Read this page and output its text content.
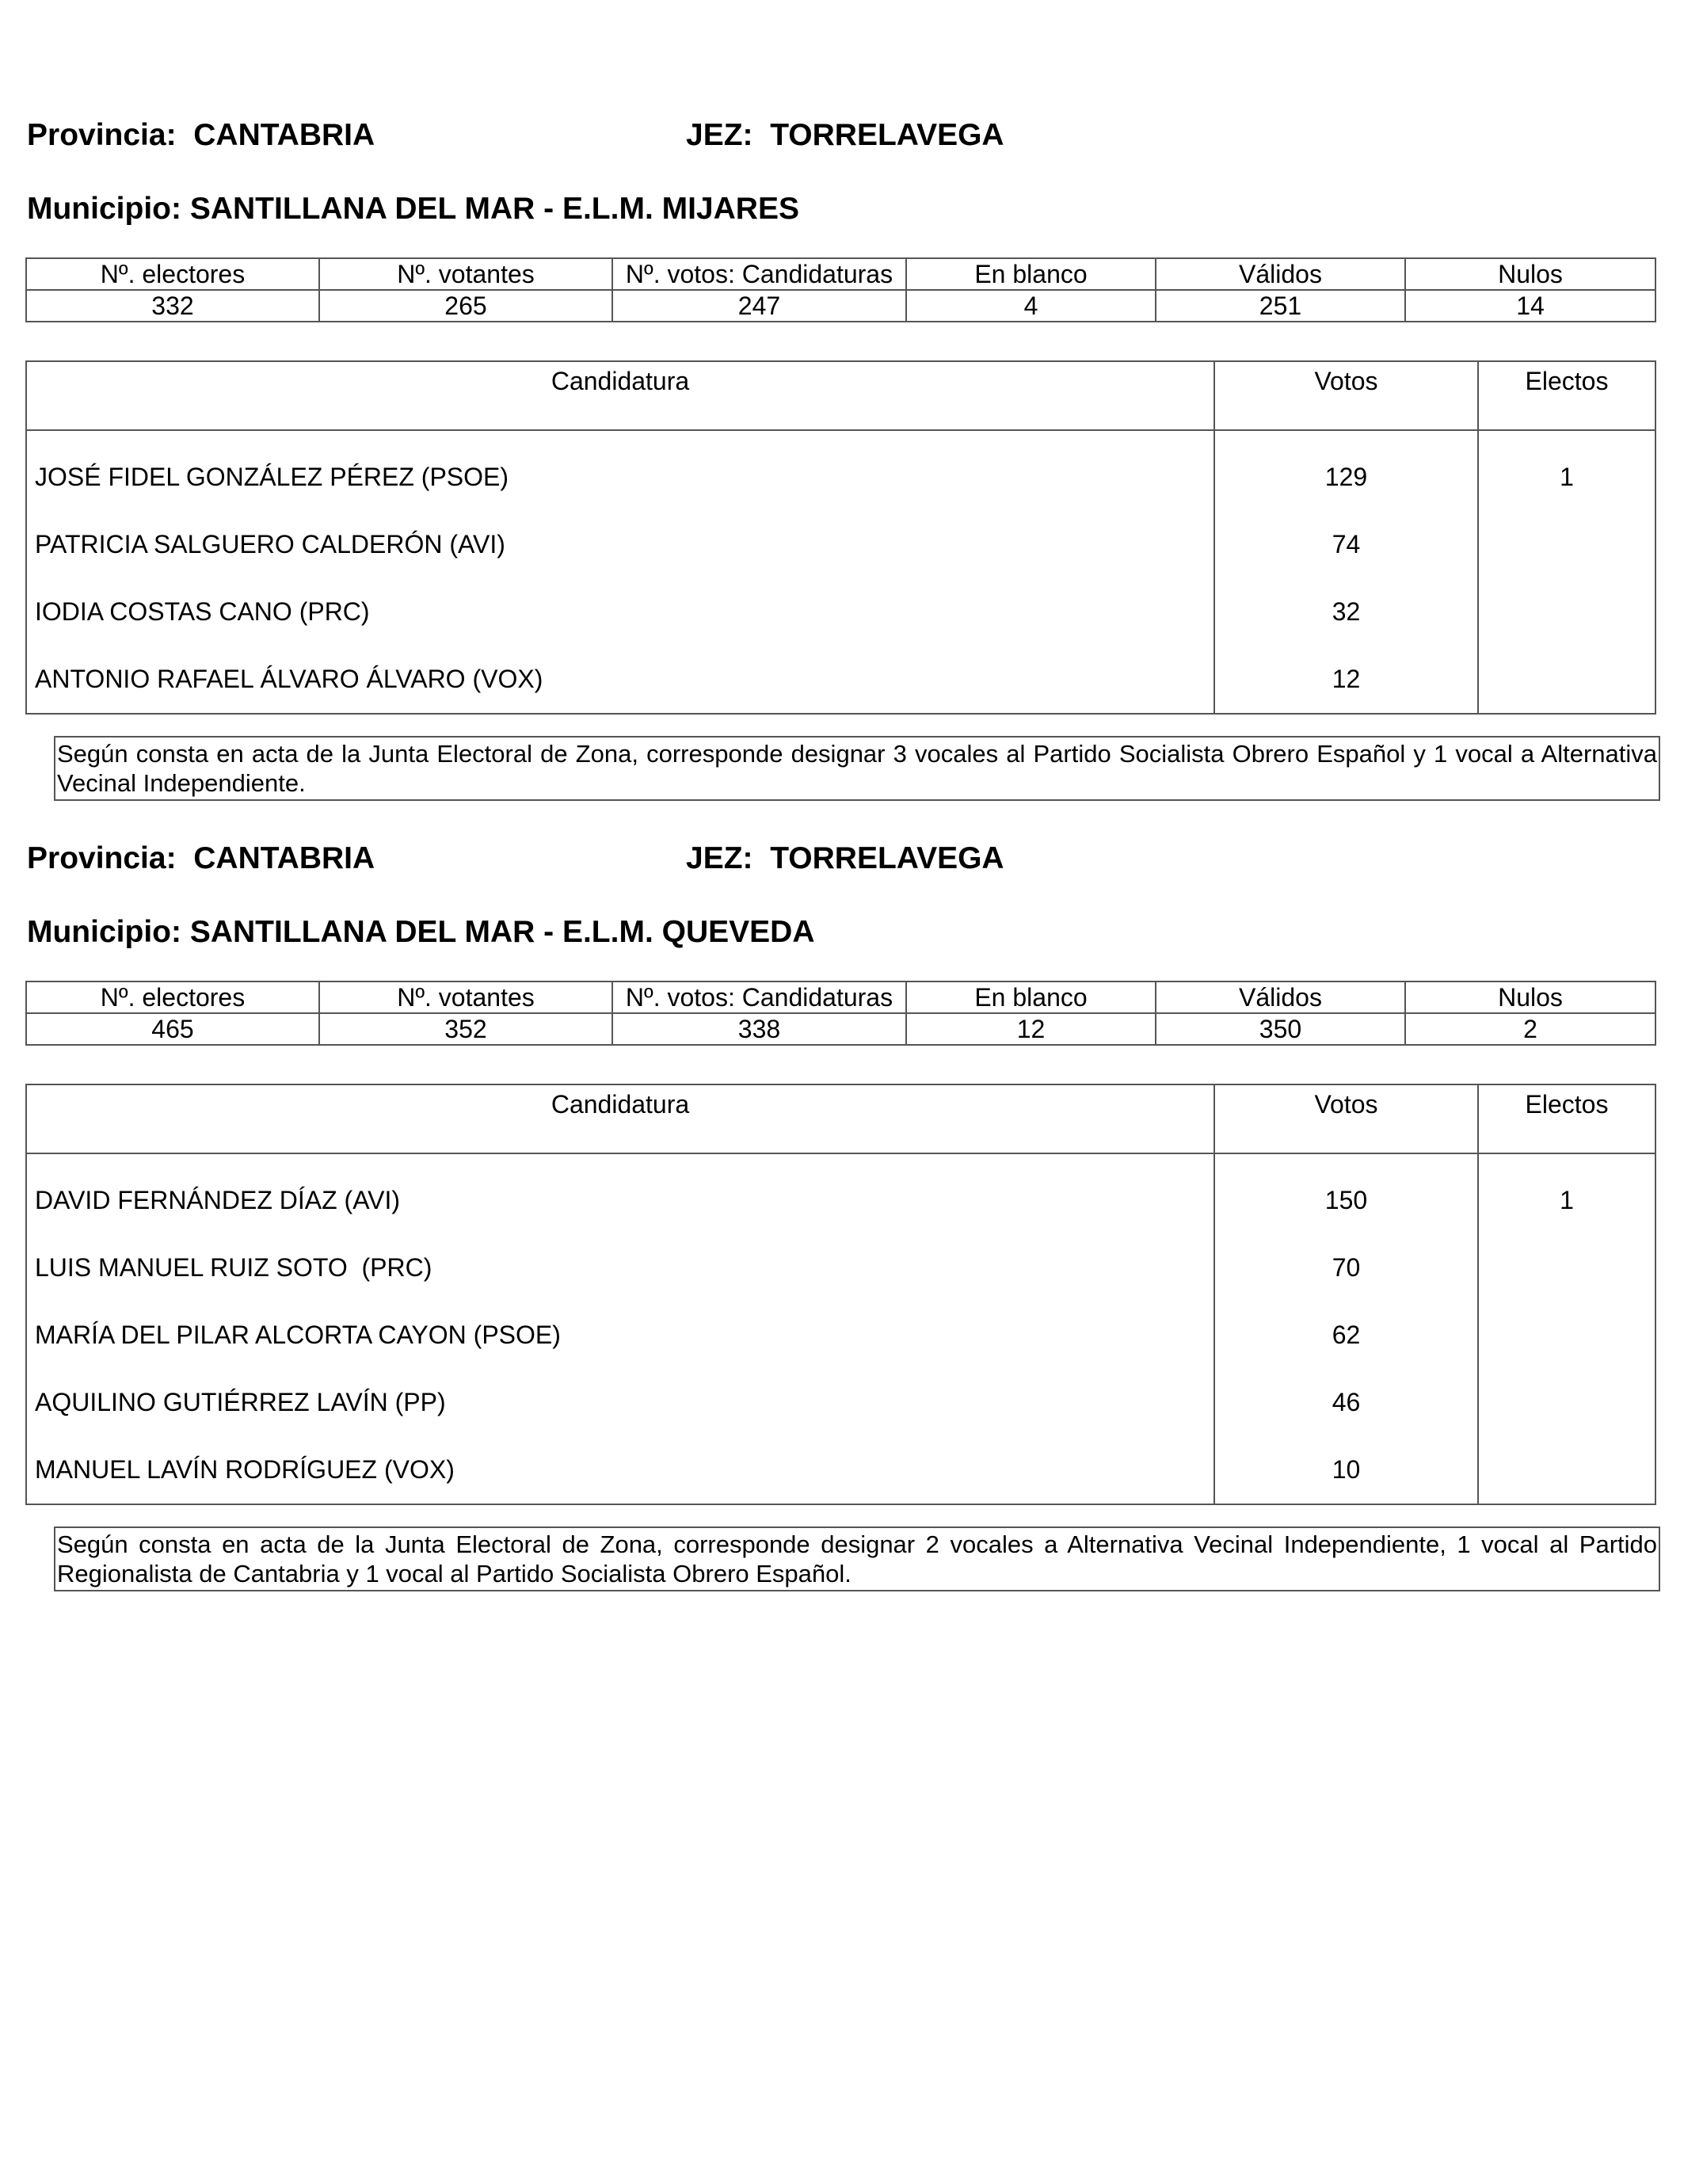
Provincia: CANTABRIA	JEZ: TORRELAVEGA
Municipio: SANTILLANA DEL MAR - E.L.M. MIJARES
Nº. electores	Nº. votantes	Nº. votos: Candidaturas	En blanco	Válidos	Nulos
332	265	247	4	251	14
Candidatura	Votos	Electos

JOSÉ FIDEL GONZÁLEZ PÉREZ (PSOE)	129	1
PATRICIA SALGUERO CALDERÓN (AVI)	74	
IODIA COSTAS CANO (PRC)	32	
ANTONIO RAFAEL ÁLVARO ÁLVARO (VOX)	12	
Según consta en acta de la Junta Electoral de Zona, corresponde designar 3 vocales al Partido Socialista Obrero Español y 1 vocal a Alternativa Vecinal Independiente.
Provincia: CANTABRIA	JEZ: TORRELAVEGA
Municipio: SANTILLANA DEL MAR - E.L.M. QUEVEDA
Nº. electores	Nº. votantes	Nº. votos: Candidaturas	En blanco	Válidos	Nulos
465	352	338	12	350	2
Candidatura	Votos	Electos

DAVID FERNÁNDEZ DÍAZ (AVI)	150	1
LUIS MANUEL RUIZ SOTO  (PRC)	70	
MARÍA DEL PILAR ALCORTA CAYON (PSOE)	62	
AQUILINO GUTIÉRREZ LAVÍN (PP)	46	
MANUEL LAVÍN RODRÍGUEZ (VOX)	10	
Según consta en acta de la Junta Electoral de Zona, corresponde designar 2 vocales a Alternativa Vecinal Independiente, 1 vocal al Partido Regionalista de Cantabria y 1 vocal al Partido Socialista Obrero Español.
